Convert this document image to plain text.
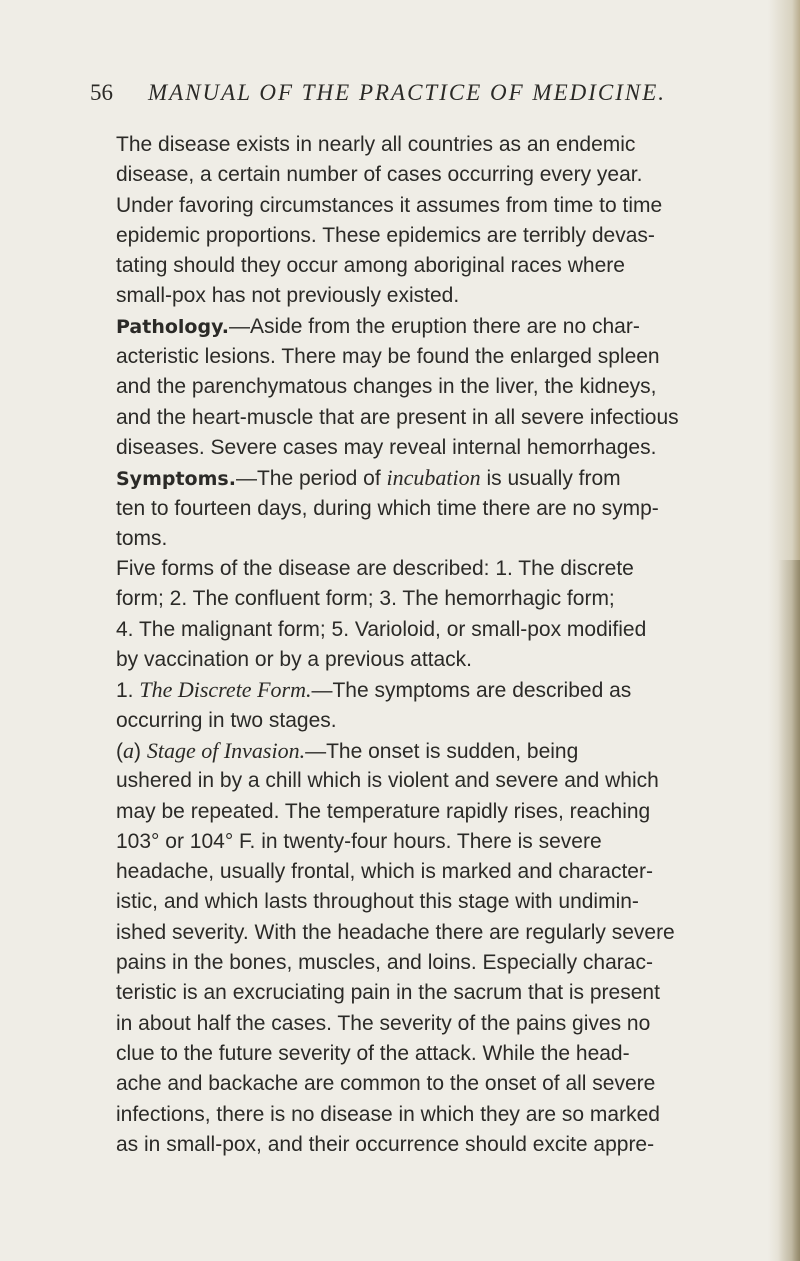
56 MANUAL OF THE PRACTICE OF MEDICINE.

The disease exists in nearly all countries as an endemic
disease, a certain number of cases occurring every year.
Under favoring circumstances it assumes from time to time
epidemic proportions. These epidemics are terribly devas-
tating should they occur among aboriginal races where
small-pox has not previously existed.

Pathology.—Aside from the eruption there are no char-
acteristic lesions. There may be found the enlarged spleen
and the parenchymatous changes in the liver, the kidneys,
and the heart-muscle that are present in all severe infectious
diseases. Severe cases may reveal internal hemorrhages.

Symptoms.—The period of incubation is usually from
ten to fourteen days, during which time there are no symp-
toms.

Five forms of the disease are described: 1. The discrete
form; 2. The confluent form; 3. The hemorrhagic form;
4. The malignant form; 5. Varioloid, or small-pox modified
by vaccination or by a previous attack.

1. The Discrete Form.—The symptoms are described as
occurring in two stages.

(a) Stage of Invasion.—The onset is sudden, being
ushered in by a chill which is violent and severe and which
may be repeated. The temperature rapidly rises, reaching
103° or 104° F. in twenty-four hours. There is severe
headache, usually frontal, which is marked and character-
istic, and which lasts throughout this stage with undimin-
ished severity. With the headache there are regularly severe
pains in the bones, muscles, and loins. Especially charac-
teristic is an excruciating pain in the sacrum that is present
in about half the cases. The severity of the pains gives no
clue to the future severity of the attack. While the head-
ache and backache are common to the onset of all severe
infections, there is no disease in which they are so marked
as in small-pox, and their occurrence should excite appre-
